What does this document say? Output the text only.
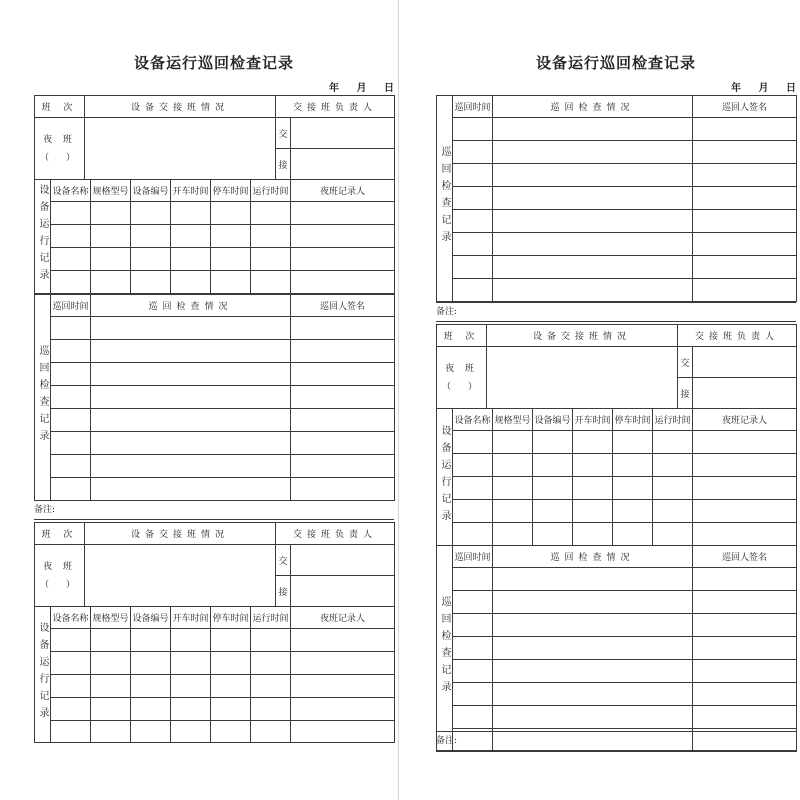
设备运行巡回检查记录
年 月 日
班 次	设备交接班情况	交接班负责人	

夜 班
（　）		交	
		接	
设备运行记录	设备名称	规格型号	设备编号	开车时间	停车时间	运行时间	夜班记录人

巡回检查记录	巡回时间	巡回检查情况	巡回人签名

备注:
班 次	设备交接班情况	交接班负责人	

夜 班
（　）		交	
		接	
设备运行记录	设备名称	规格型号	设备编号	开车时间	停车时间	运行时间	夜班记录人

设备运行巡回检查记录
年 月 日
巡回检查记录	巡回时间	巡回检查情况	巡回人签名

备注:
班 次	设备交接班情况	交接班负责人	

夜 班
（　）		交	
		接	
设备运行记录	设备名称	规格型号	设备编号	开车时间	停车时间	运行时间	夜班记录人

巡回检查记录	巡回时间	巡回检查情况	巡回人签名

备注:
